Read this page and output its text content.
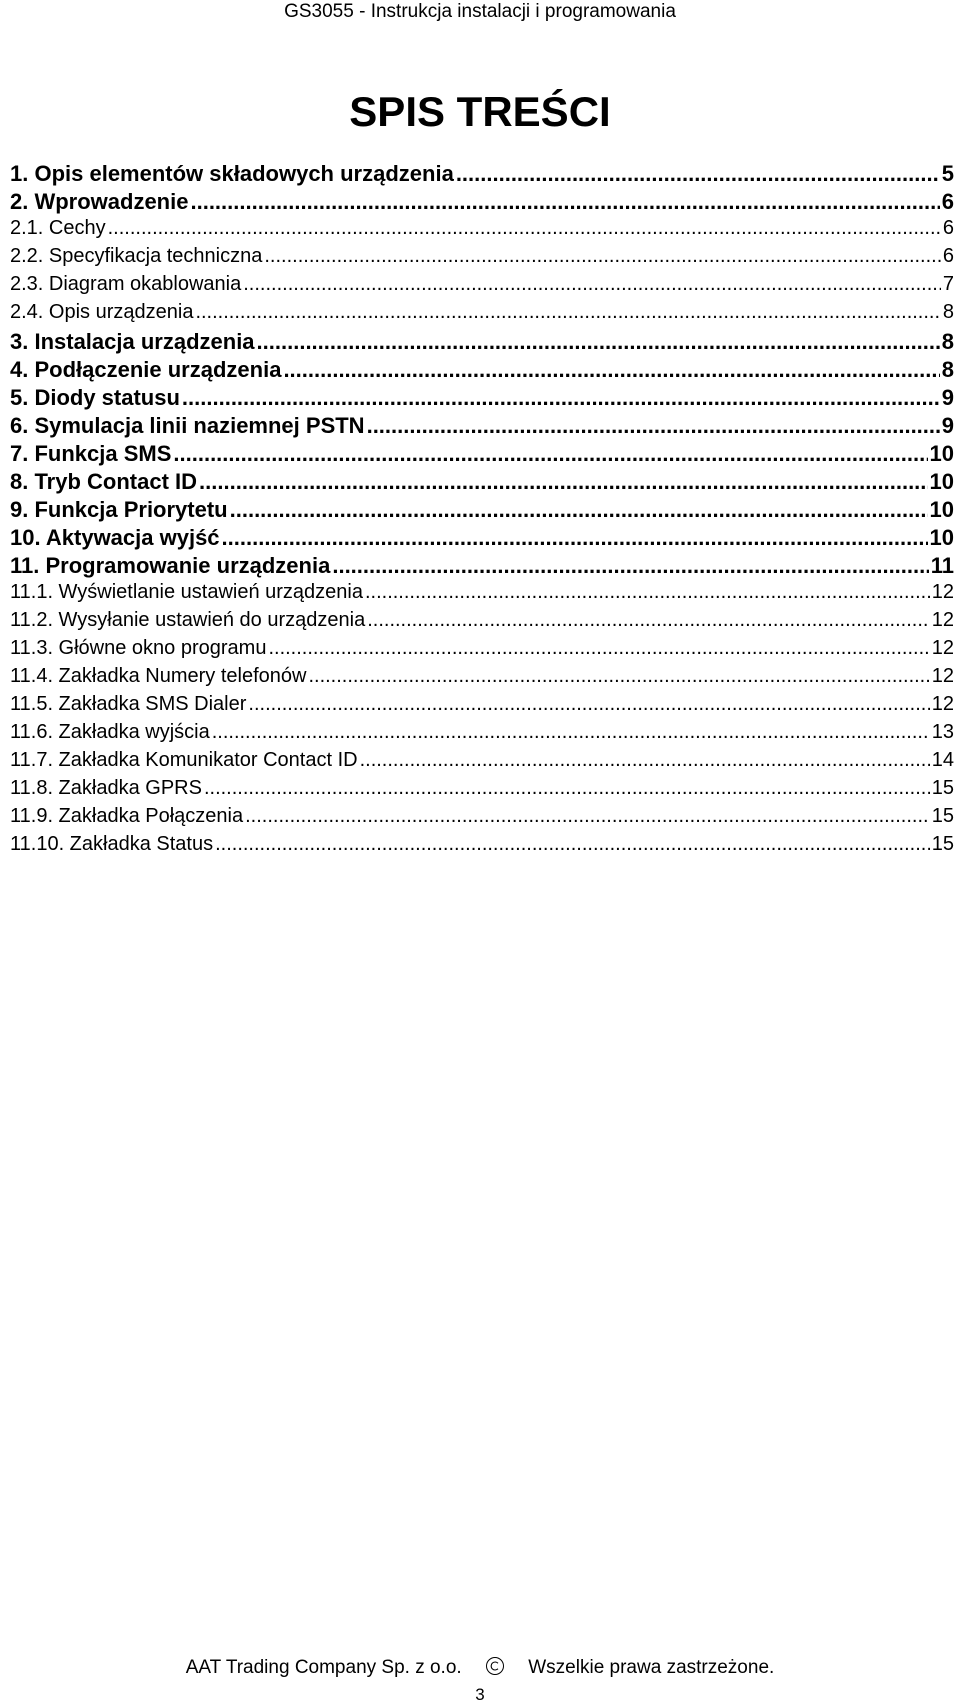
GS3055 - Instrukcja instalacji i programowania
SPIS TREŚCI
1. Opis elementów składowych urządzenia .....	5
2. Wprowadzenie .....	6
2.1. Cechy .....	6
2.2. Specyfikacja techniczna .....	6
2.3. Diagram okablowania .....	7
2.4. Opis urządzenia .....	8
3. Instalacja urządzenia .....	8
4. Podłączenie urządzenia .....	8
5. Diody statusu .....	9
6. Symulacja linii naziemnej PSTN .....	9
7. Funkcja SMS .....	10
8. Tryb Contact ID .....	10
9. Funkcja Priorytetu .....	10
10. Aktywacja wyjść .....	10
11. Programowanie urządzenia .....	11
11.1. Wyświetlanie ustawień urządzenia .....	12
11.2. Wysyłanie ustawień do urządzenia .....	12
11.3. Główne okno programu .....	12
11.4. Zakładka Numery telefonów .....	12
11.5. Zakładka SMS Dialer .....	12
11.6. Zakładka wyjścia .....	13
11.7. Zakładka Komunikator Contact ID .....	14
11.8. Zakładka GPRS .....	15
11.9. Zakładka Połączenia .....	15
11.10. Zakładka Status .....	15
AAT Trading Company Sp. z o.o.	Wszelkie prawa zastrzeżone.
3
